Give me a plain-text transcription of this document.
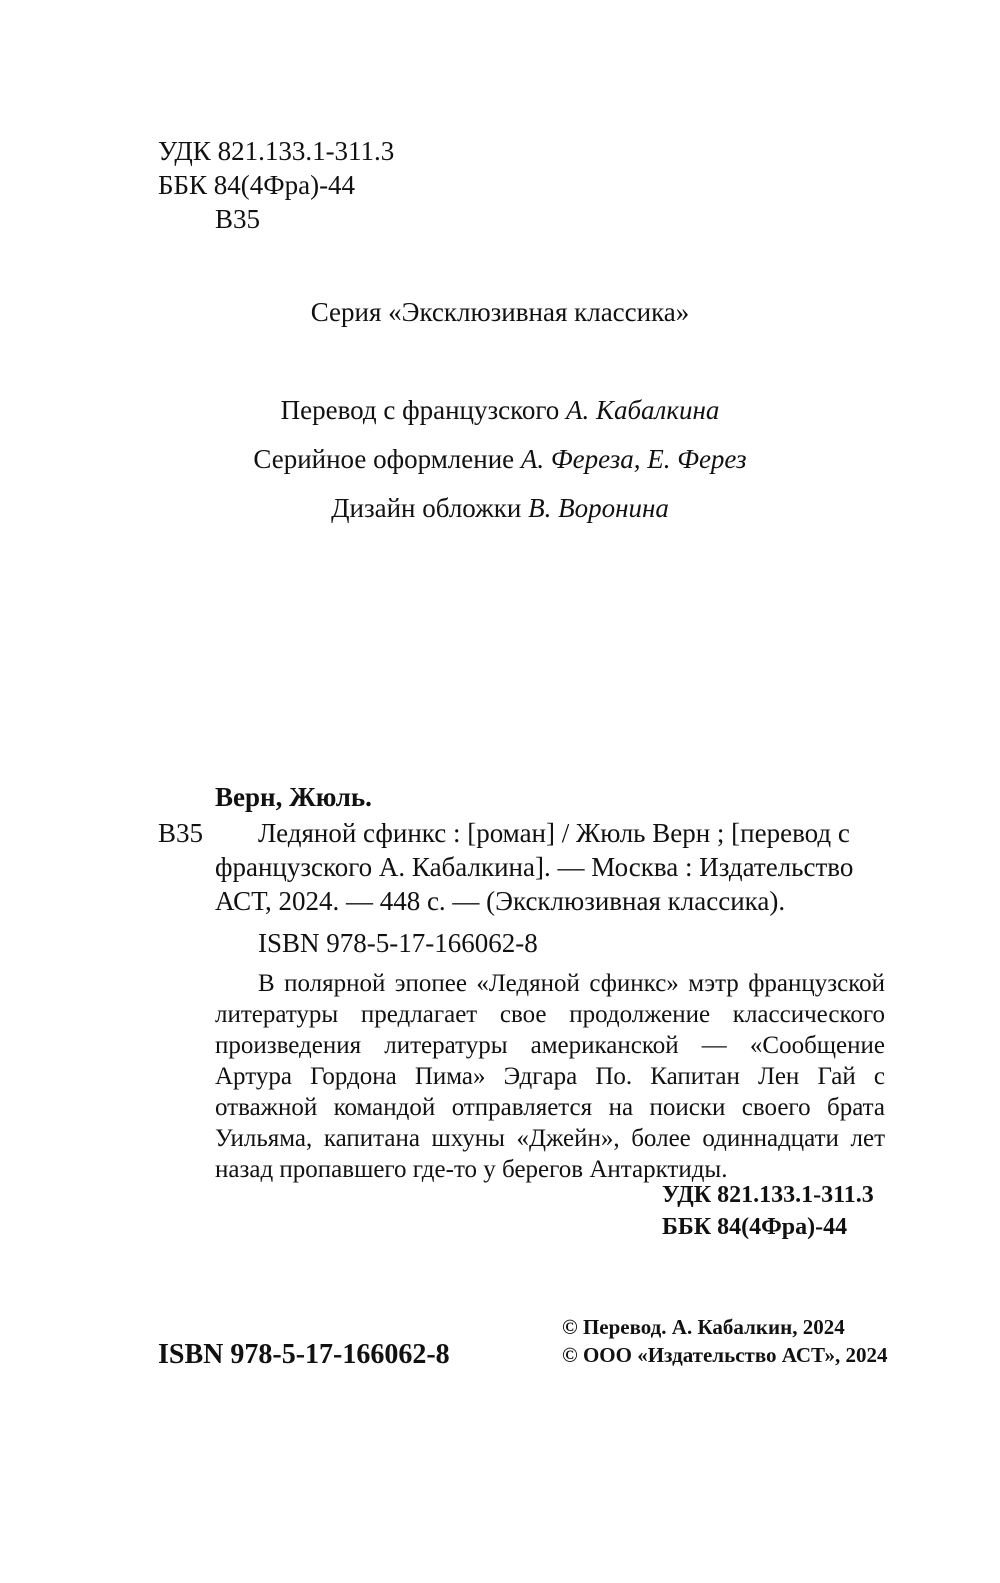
УДК 821.133.1-311.3
ББК 84(4Фра)-44
В35
Серия «Эксклюзивная классика»
Перевод с французского А. Кабалкина
Серийное оформление А. Фереза, Е. Ферез
Дизайн обложки В. Воронина
Верн, Жюль.
В35 Ледяной сфинкс : [роман] / Жюль Верн ; [перевод с
французского А. Кабалкина]. — Москва : Издательство
АСТ, 2024. — 448 с. — (Эксклюзивная классика).
ISBN 978-5-17-166062-8

В полярной эпопее «Ледяной сфинкс» мэтр французской литературы предлагает свое продолжение классического произведения литературы американской — «Сообщение Артура Гордона Пима» Эдгара По. Капитан Лен Гай с отважной командой отправляется на поиски своего брата Уильяма, капитана шхуны «Джейн», более одиннадцати лет назад пропавшего где-то у берегов Антарктиды.

УДК 821.133.1-311.3
ББК 84(4Фра)-44
ISBN 978-5-17-166062-8
© Перевод. А. Кабалкин, 2024
© ООО «Издательство АСТ», 2024
